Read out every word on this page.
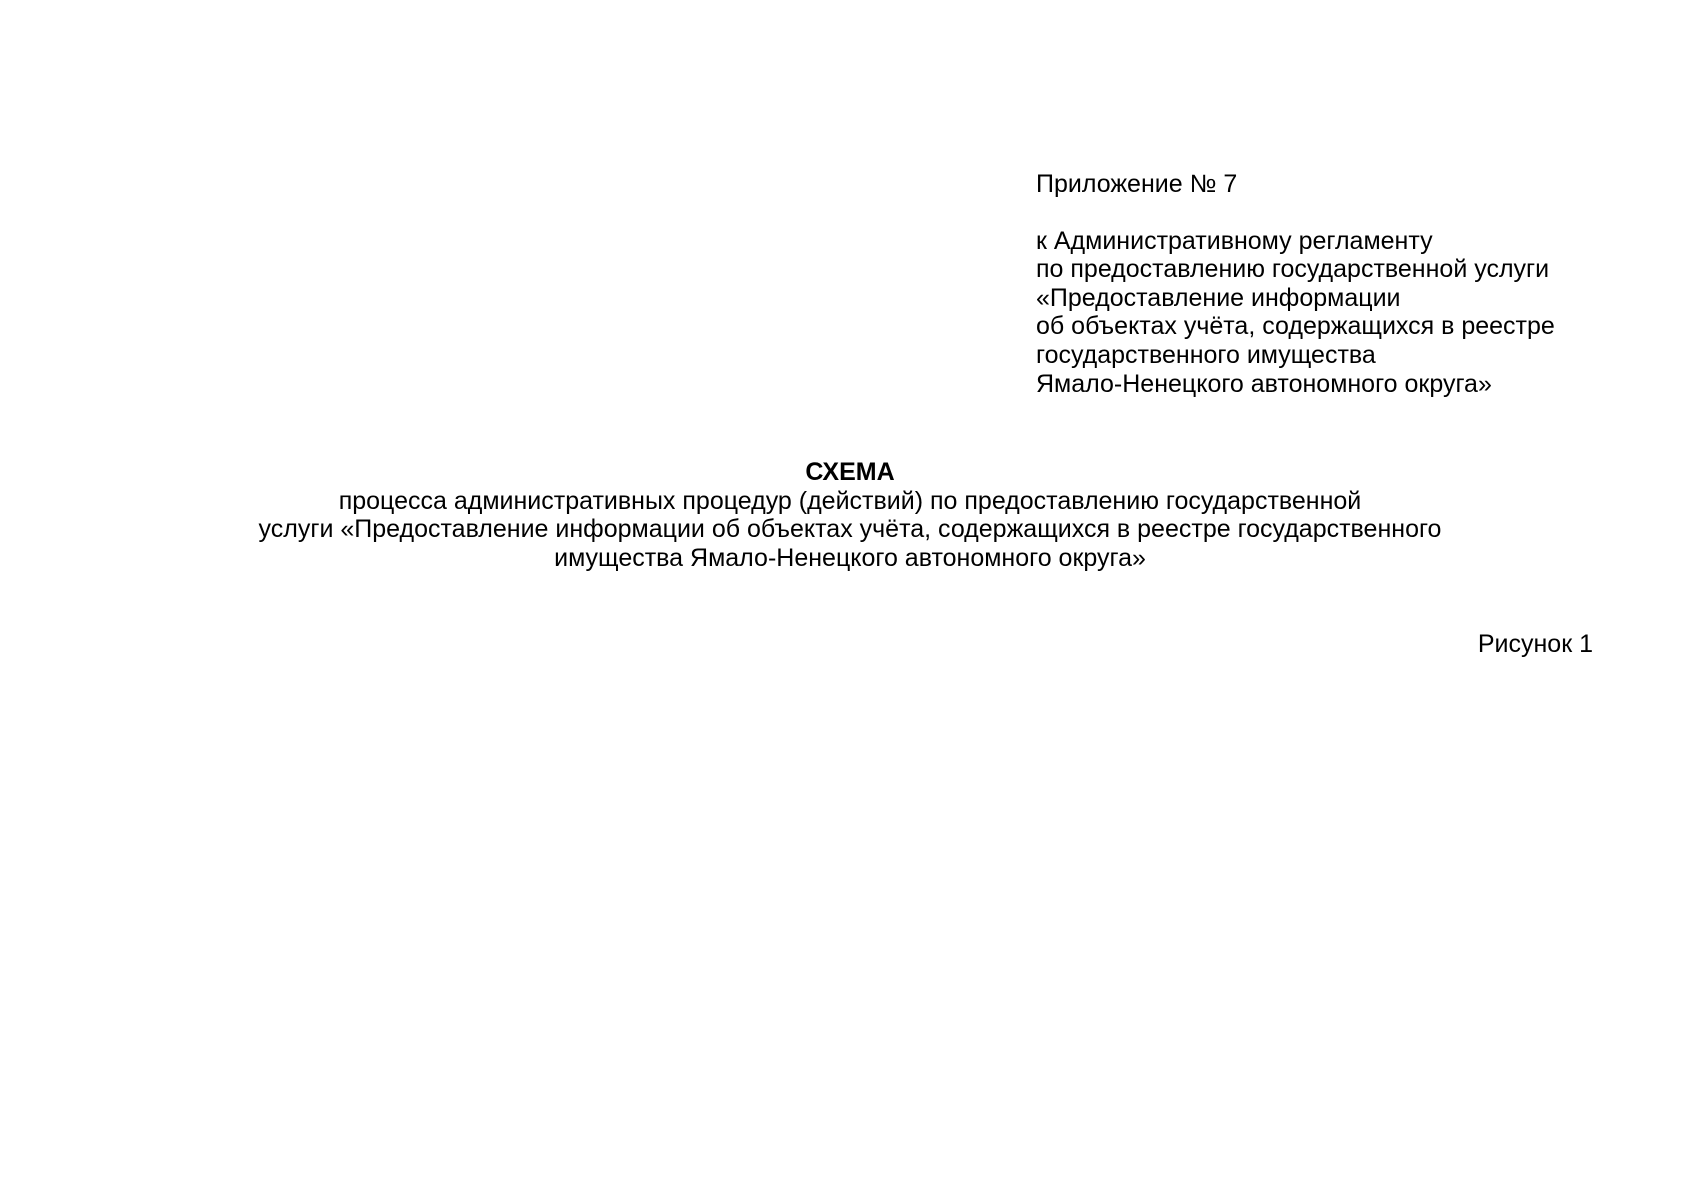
Приложение № 7

к Административному регламенту

по предоставлению государственной услуги

«Предоставление информации

об объектах учёта, содержащихся в реестре

государственного имущества

Ямало-Ненецкого автономного округа»

СХЕМА

процесса административных процедур (действий) по предоставлению государственной

услуги «Предоставление информации об объектах учёта, содержащихся в реестре государственного

имущества Ямало-Ненецкого автономного округа»

Рисунок 1
